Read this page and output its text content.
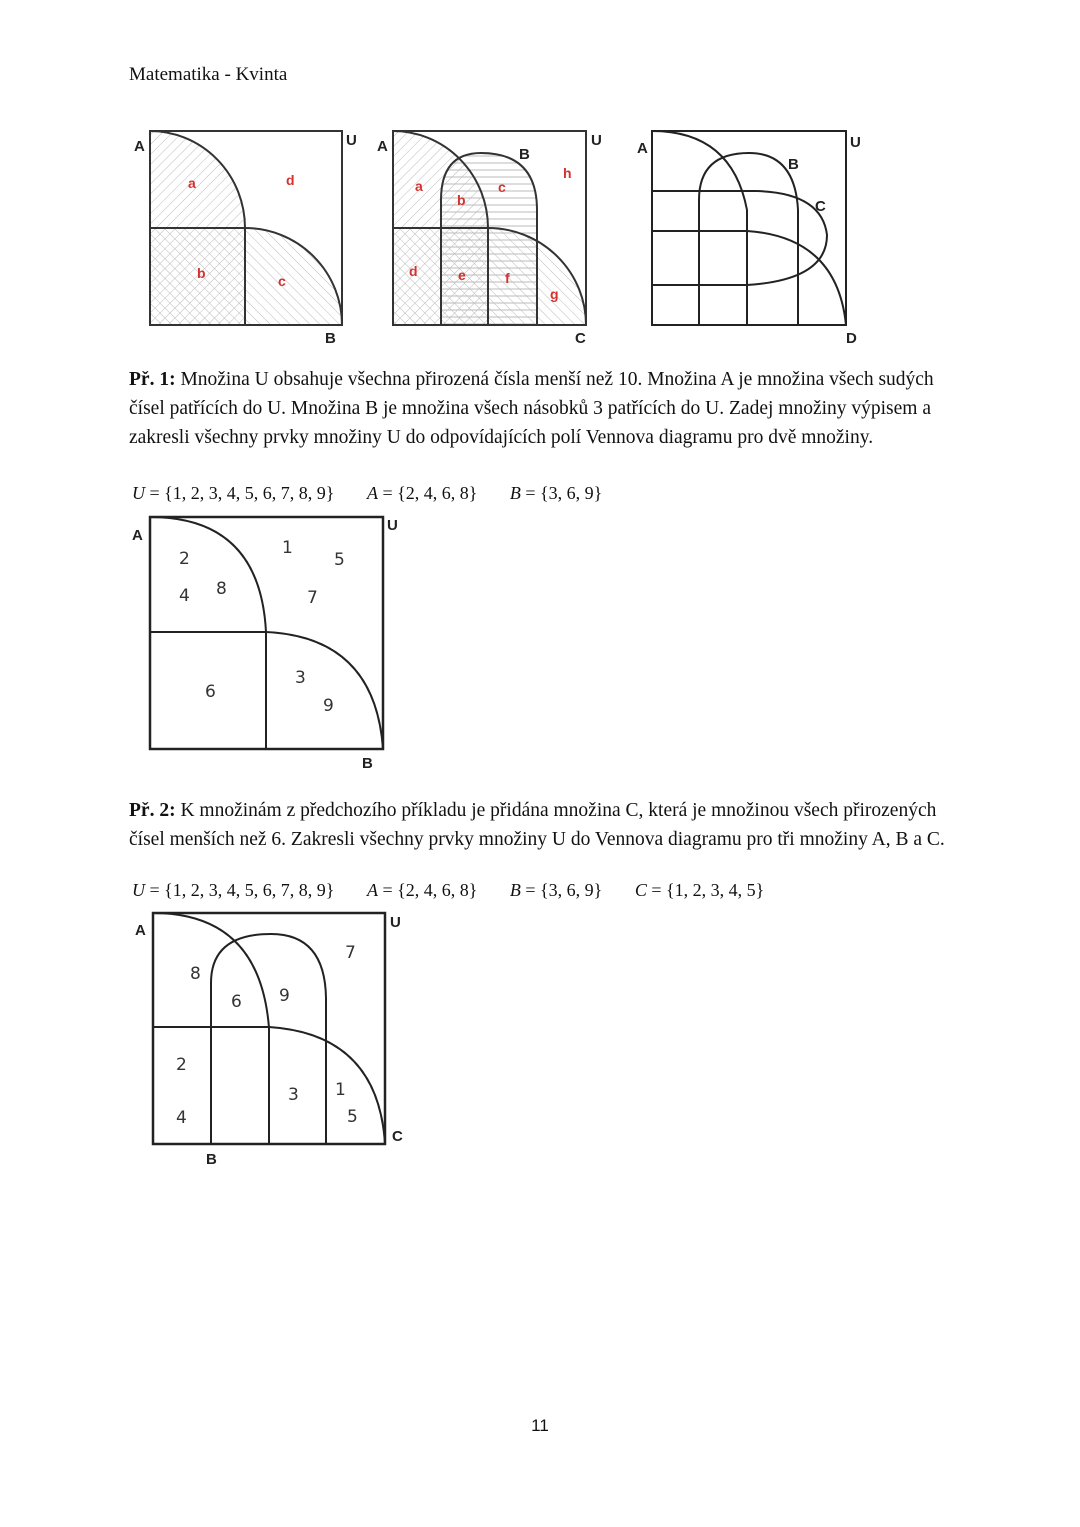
Matematika - Kvinta
A	U
B
a
b	c
d
A	U
B
C
a
b
c
d	e	f
g
h
A	U
B
C
D
Př. 1: Množina U obsahuje všechna přirozená čísla menší než 10. Množina A je množina všech sudých čísel patřících do U. Množina B je množina všech násobků 3 patřících do U. Zadej množiny výpisem a zakresli všechny prvky množiny U do odpovídajících polí Vennova diagramu pro dvě množiny.
U = {1, 2, 3, 4, 5, 6, 7, 8, 9} A = {2, 4, 6, 8} B = {3, 6, 9}
A
U
B
2
4 8
6
3
9
1
5
7
Př. 2: K množinám z předchozího příkladu je přidána množina C, která je množinou všech přirozených čísel menších než 6. Zakresli všechny prvky množiny U do Vennova diagramu pro tři množiny A, B a C.
U = {1, 2, 3, 4, 5, 6, 7, 8, 9} A = {2, 4, 6, 8} B = {3, 6, 9} C = {1, 2, 3, 4, 5}
A	U
B
C
8
6 9
7
2
4
3 1
5
11
